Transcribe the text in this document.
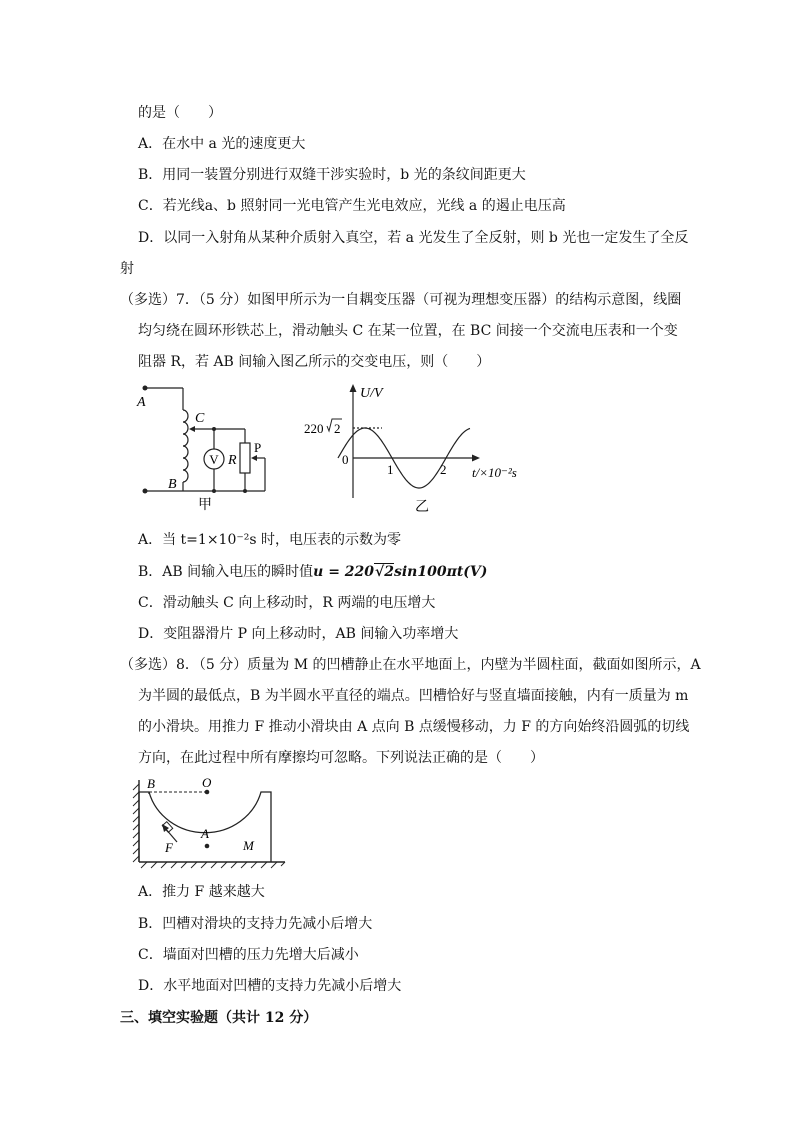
的是（　　）
A．在水中 a 光的速度更大
B．用同一装置分别进行双缝干涉实验时，b 光的条纹间距更大
C．若光线a、b 照射同一光电管产生光电效应，光线 a 的遏止电压高
D．以同一入射角从某种介质射入真空，若 a 光发生了全反射，则 b 光也一定发生了全反
射
（多选）7．（5 分）如图甲所示为一自耦变压器（可视为理想变压器）的结构示意图，线圈
均匀绕在圆环形铁芯上，滑动触头 C 在某一位置，在 BC 间接一个交流电压表和一个变
阻器 R，若 AB 间输入图乙所示的交变电压，则（　　）
V
A
B
C
R
P
甲
U/V
220 2
0
1	2 t/×10⁻²s
乙
A．当 t=1×10⁻²s 时，电压表的示数为零
B．AB 间输入电压的瞬时值u = 220√2sin100πt(V)
C．滑动触头 C 向上移动时，R 两端的电压增大
D．变阻器滑片 P 向上移动时，AB 间输入功率增大
（多选）8．（5 分）质量为 M 的凹槽静止在水平地面上，内壁为半圆柱面，截面如图所示，A
为半圆的最低点，B 为半圆水平直径的端点。凹槽恰好与竖直墙面接触，内有一质量为 m
的小滑块。用推力 F 推动小滑块由 A 点向 B 点缓慢移动，力 F 的方向始终沿圆弧的切线
方向，在此过程中所有摩擦均可忽略。下列说法正确的是（　　）
B	O
A
F	M
A．推力 F 越来越大
B．凹槽对滑块的支持力先减小后增大
C．墙面对凹槽的压力先增大后减小
D．水平地面对凹槽的支持力先减小后增大
三、填空实验题（共计 12 分）
